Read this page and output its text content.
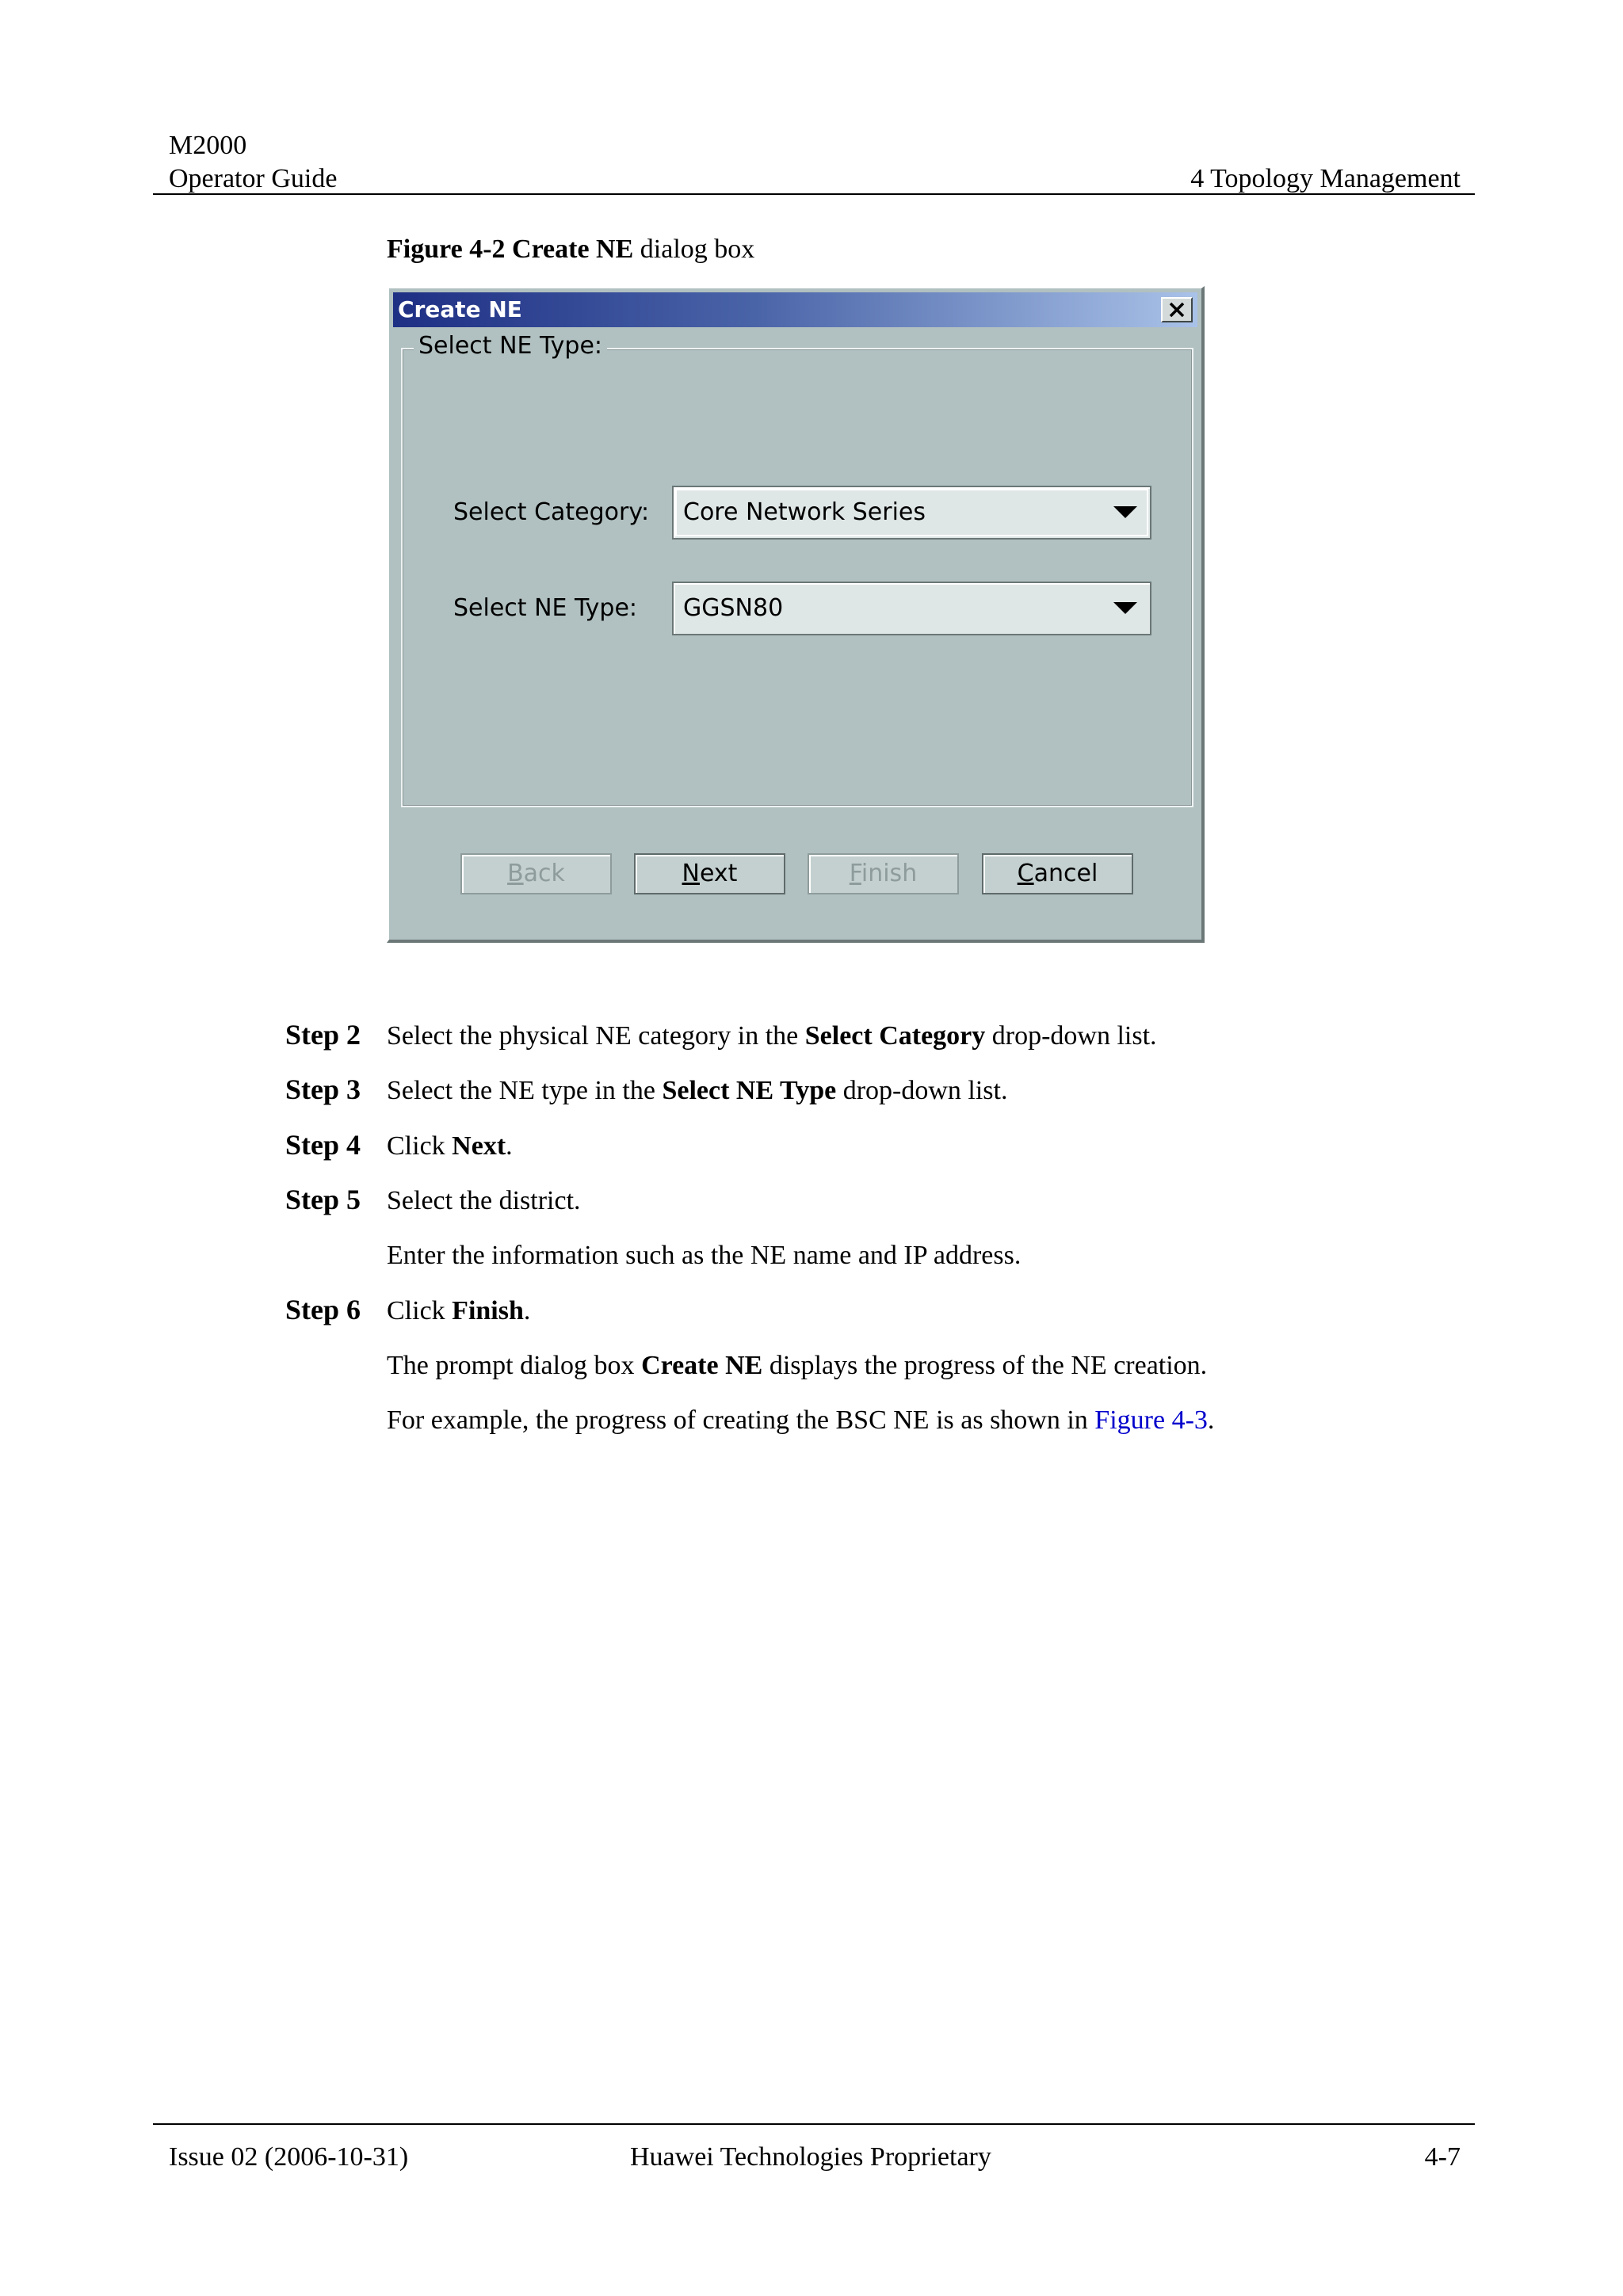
M2000
Operator Guide	4 Topology Management
Figure 4-2 Create NE dialog box
Create NE
Select NE Type:
Select Category: Core Network Series
Select NE Type: GGSN80
Back	Next	Finish	Cancel
Step 2 Select the physical NE category in the Select Category drop-down list.
Step 3 Select the NE type in the Select NE Type drop-down list.
Step 4 Click Next.
Step 5 Select the district.
Enter the information such as the NE name and IP address.
Step 6 Click Finish.
The prompt dialog box Create NE displays the progress of the NE creation.
For example, the progress of creating the BSC NE is as shown in Figure 4-3.
Issue 02 (2006-10-31)	Huawei Technologies Proprietary	4-7
